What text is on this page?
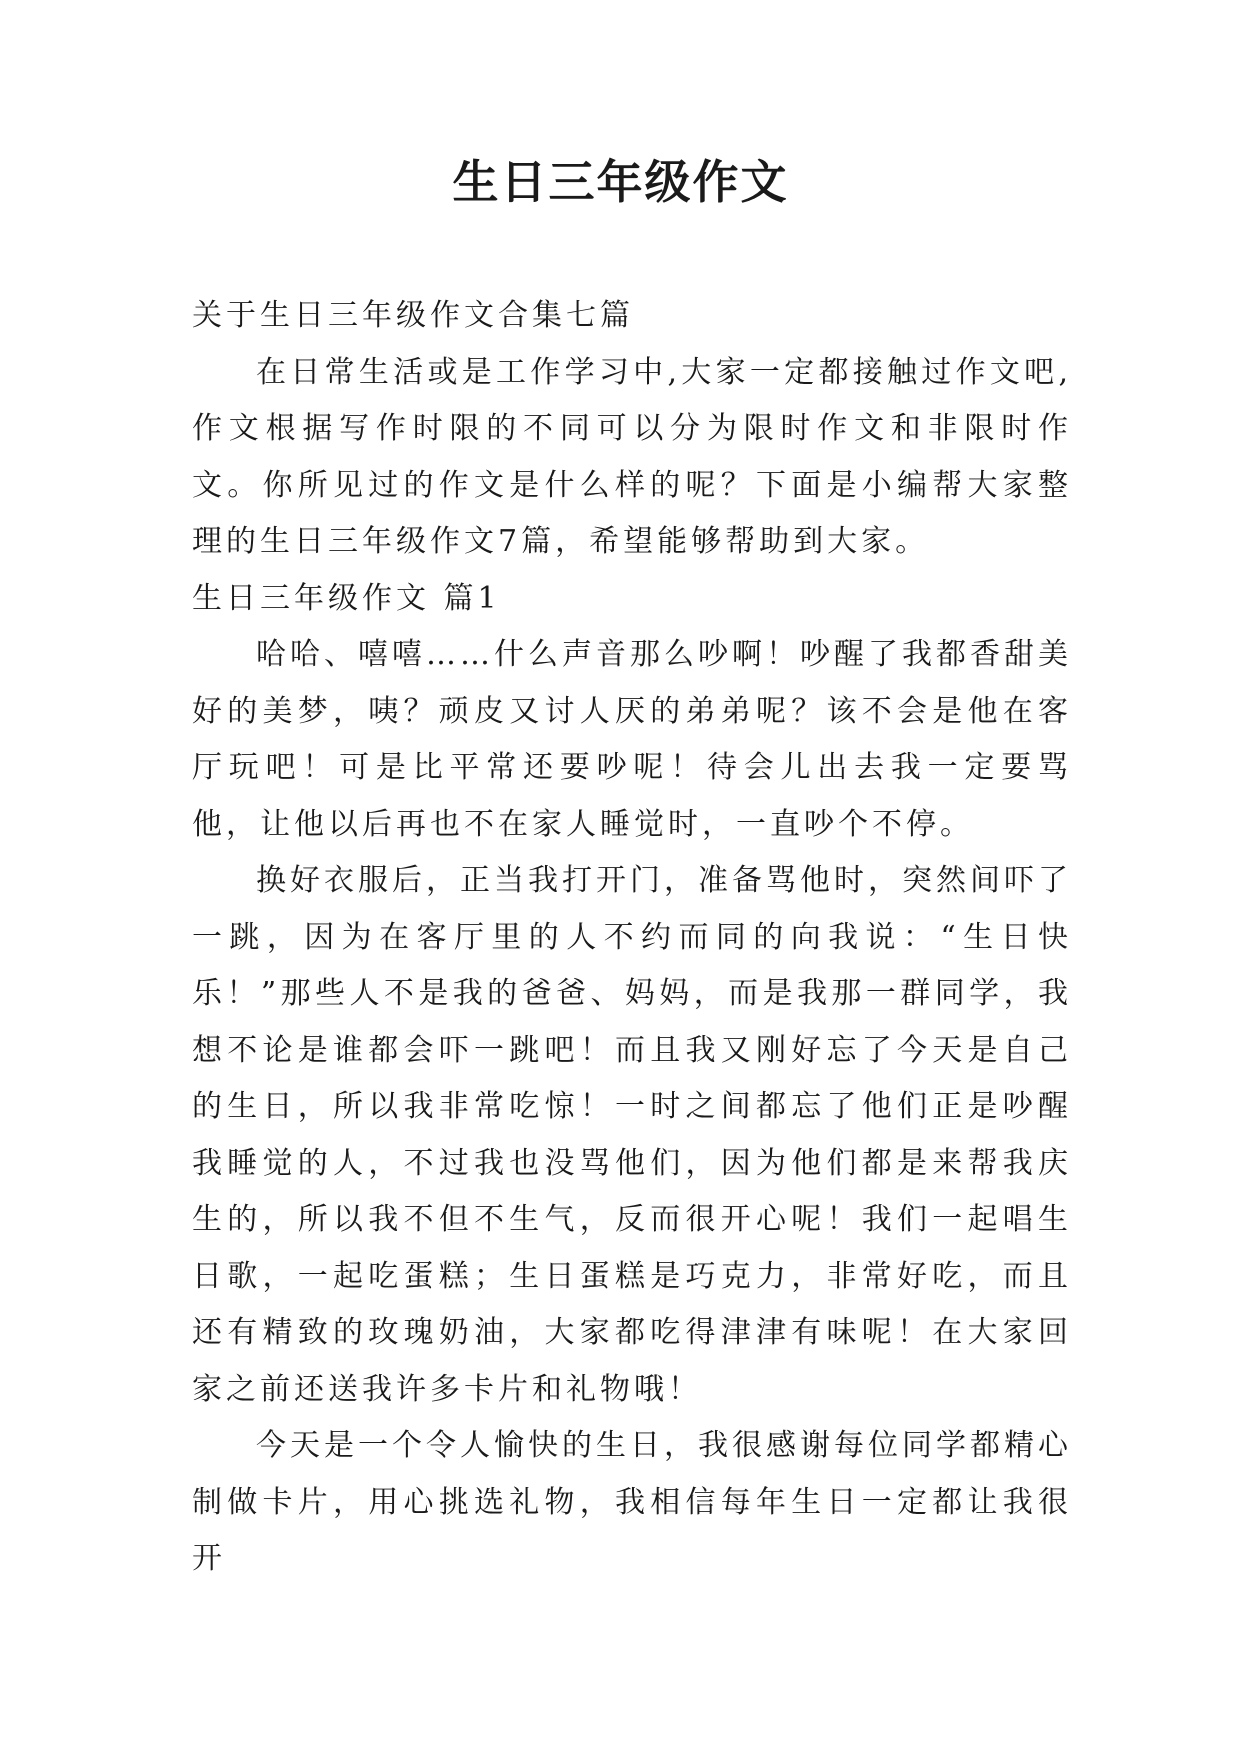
生日三年级作文

关于生日三年级作文合集七篇

在日常生活或是工作学习中,大家一定都接触过作文吧,作文根据写作时限的不同可以分为限时作文和非限时作文。你所见过的作文是什么样的呢？下面是小编帮大家整理的生日三年级作文7篇，希望能够帮助到大家。

生日三年级作文 篇1

哈哈、嘻嘻……什么声音那么吵啊！吵醒了我都香甜美好的美梦，咦？顽皮又讨人厌的弟弟呢？该不会是他在客厅玩吧！可是比平常还要吵呢！待会儿出去我一定要骂他，让他以后再也不在家人睡觉时，一直吵个不停。

换好衣服后，正当我打开门，准备骂他时，突然间吓了一跳，因为在客厅里的人不约而同的向我说：“生日快乐！”那些人不是我的爸爸、妈妈，而是我那一群同学，我想不论是谁都会吓一跳吧！而且我又刚好忘了今天是自己的生日，所以我非常吃惊！一时之间都忘了他们正是吵醒我睡觉的人，不过我也没骂他们，因为他们都是来帮我庆生的，所以我不但不生气，反而很开心呢！我们一起唱生日歌，一起吃蛋糕；生日蛋糕是巧克力，非常好吃，而且还有精致的玫瑰奶油，大家都吃得津津有味呢！在大家回家之前还送我许多卡片和礼物哦！

今天是一个令人愉快的生日，我很感谢每位同学都精心制做卡片，用心挑选礼物，我相信每年生日一定都让我很开
